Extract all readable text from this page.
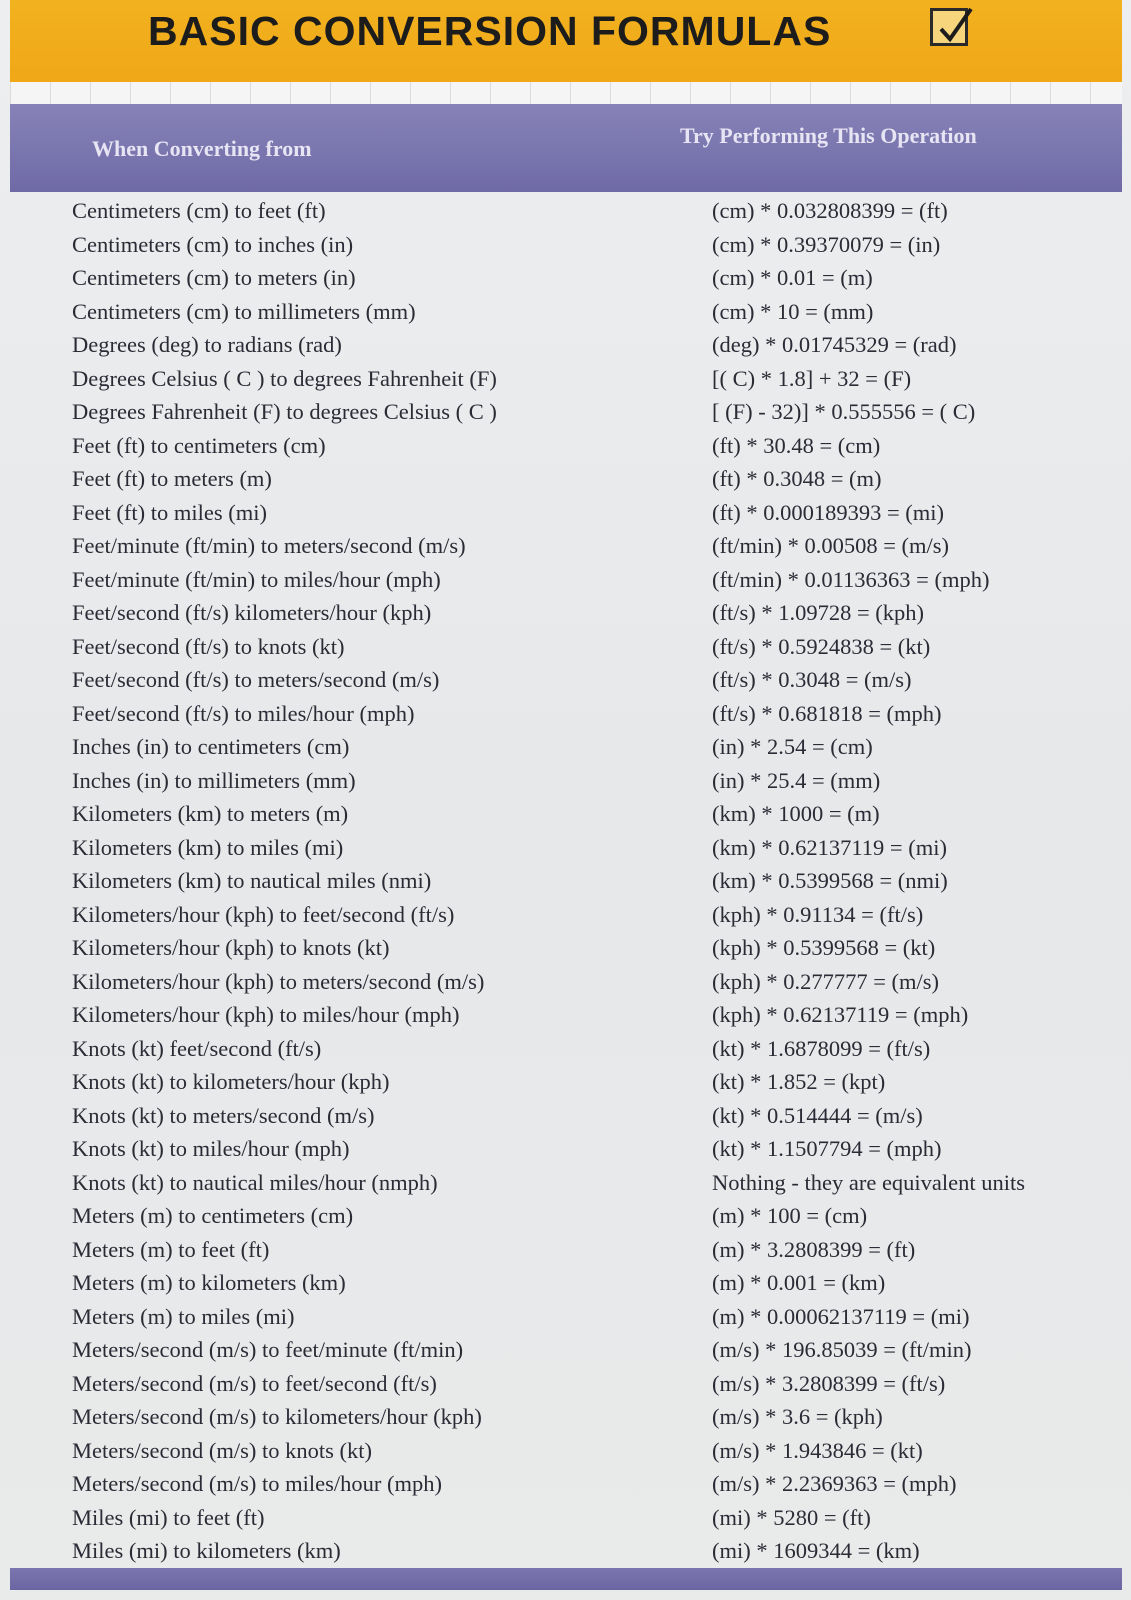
BASIC CONVERSION FORMULAS
When Converting from
Try Performing This Operation
Centimeters (cm) to feet (ft)	(cm) * 0.032808399 = (ft)
Centimeters (cm) to inches (in)	(cm) * 0.39370079 = (in)
Centimeters (cm) to meters (in)	(cm) * 0.01 = (m)
Centimeters (cm) to millimeters (mm)	(cm) * 10 = (mm)
Degrees (deg) to radians (rad)	(deg) * 0.01745329 = (rad)
Degrees Celsius ( C ) to degrees Fahrenheit (F)	[( C) * 1.8] + 32 = (F)
Degrees Fahrenheit (F) to degrees Celsius ( C )	[ (F) - 32)] * 0.555556 = ( C)
Feet (ft) to centimeters (cm)	(ft) * 30.48 = (cm)
Feet (ft) to meters (m)	(ft) * 0.3048 = (m)
Feet (ft) to miles (mi)	(ft) * 0.000189393 = (mi)
Feet/minute (ft/min) to meters/second (m/s)	(ft/min) * 0.00508 = (m/s)
Feet/minute (ft/min) to miles/hour (mph)	(ft/min) * 0.01136363 = (mph)
Feet/second (ft/s) kilometers/hour (kph)	(ft/s) * 1.09728 = (kph)
Feet/second (ft/s) to knots (kt)	(ft/s) * 0.5924838 = (kt)
Feet/second (ft/s) to meters/second (m/s)	(ft/s) * 0.3048 = (m/s)
Feet/second (ft/s) to miles/hour (mph)	(ft/s) * 0.681818 = (mph)
Inches (in) to centimeters (cm)	(in) * 2.54 = (cm)
Inches (in) to millimeters (mm)	(in) * 25.4 = (mm)
Kilometers (km) to meters (m)	(km) * 1000 = (m)
Kilometers (km) to miles (mi)	(km) * 0.62137119 = (mi)
Kilometers (km) to nautical miles (nmi)	(km) * 0.5399568 = (nmi)
Kilometers/hour (kph) to feet/second (ft/s)	(kph) * 0.91134 = (ft/s)
Kilometers/hour (kph) to knots (kt)	(kph) * 0.5399568 = (kt)
Kilometers/hour (kph) to meters/second (m/s)	(kph) * 0.277777 = (m/s)
Kilometers/hour (kph) to miles/hour (mph)	(kph) * 0.62137119 = (mph)
Knots (kt) feet/second (ft/s)	(kt) * 1.6878099 = (ft/s)
Knots (kt) to kilometers/hour (kph)	(kt) * 1.852 = (kpt)
Knots (kt) to meters/second (m/s)	(kt) * 0.514444 = (m/s)
Knots (kt) to miles/hour (mph)	(kt) * 1.1507794 = (mph)
Knots (kt) to nautical miles/hour (nmph)	Nothing - they are equivalent units
Meters (m) to centimeters (cm)	(m) * 100 = (cm)
Meters (m) to feet (ft)	(m) * 3.2808399 = (ft)
Meters (m) to kilometers (km)	(m) * 0.001 = (km)
Meters (m) to miles (mi)	(m) * 0.00062137119 = (mi)
Meters/second (m/s) to feet/minute (ft/min)	(m/s) * 196.85039 = (ft/min)
Meters/second (m/s) to feet/second (ft/s)	(m/s) * 3.2808399 = (ft/s)
Meters/second (m/s) to kilometers/hour (kph)	(m/s) * 3.6 = (kph)
Meters/second (m/s) to knots (kt)	(m/s) * 1.943846 = (kt)
Meters/second (m/s) to miles/hour (mph)	(m/s) * 2.2369363 = (mph)
Miles (mi) to feet (ft)	(mi) * 5280 = (ft)
Miles (mi) to kilometers (km)	(mi) * 1609344 = (km)
